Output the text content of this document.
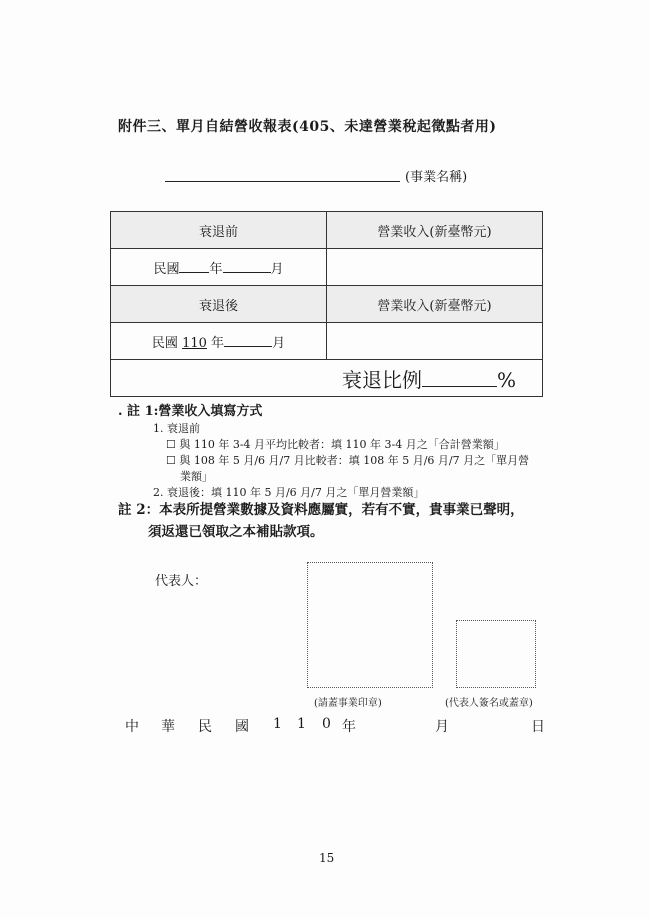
附件三、單月自結營收報表(405、未達營業稅起徵點者用)
(事業名稱)
衰退前	營業收入(新臺幣元)
民國 年 月	
衰退後	營業收入(新臺幣元)
民國 110 年 月	
衰退比例 %	
. 註 1:營業收入填寫方式
1. 衰退前
☐ 與 110 年 3-4 月平均比較者：填 110 年 3-4 月之「合計營業額」
☐ 與 108 年 5 月/6 月/7 月比較者：填 108 年 5 月/6 月/7 月之「單月營
業額」
2. 衰退後：填 110 年 5 月/6 月/7 月之「單月營業額」
註 2：本表所提營業數據及資料應屬實，若有不實，貴事業已聲明，
須返還已領取之本補貼款項。
代表人：
(請蓋事業印章)	(代表人簽名或蓋章)
中 華 民 國 1 1 0 年	月	日
15
